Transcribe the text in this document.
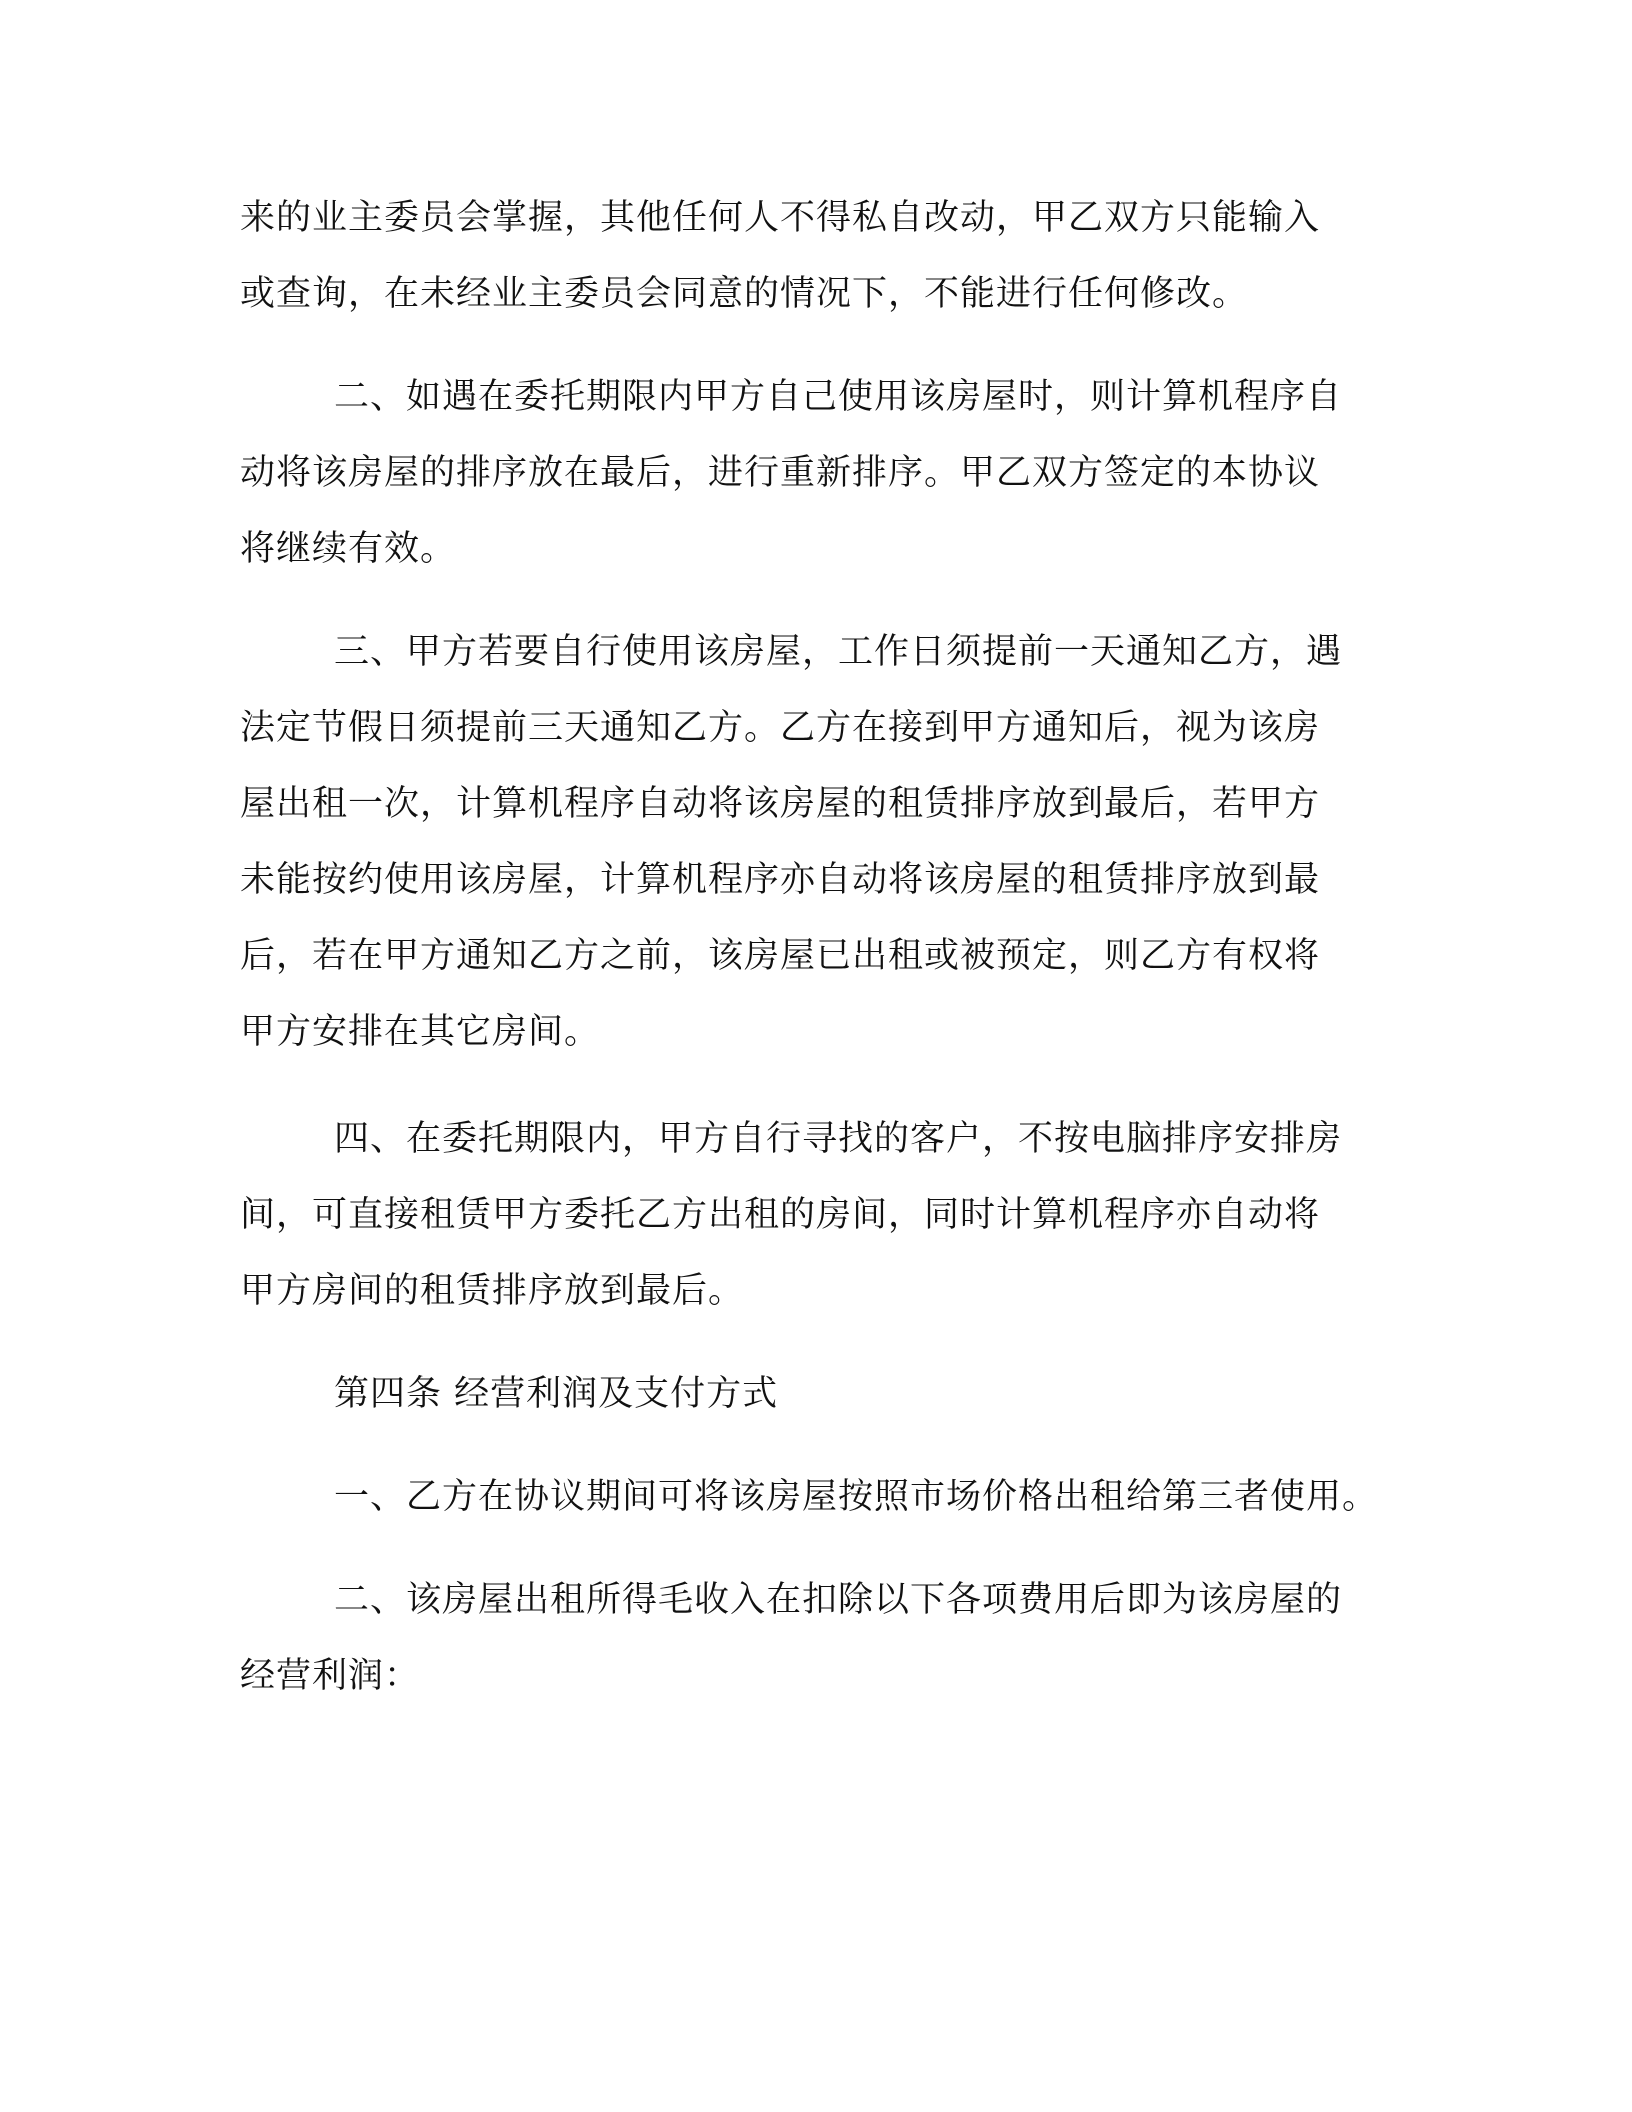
来的业主委员会掌握，其他任何人不得私自改动，甲乙双方只能输入
或查询，在未经业主委员会同意的情况下，不能进行任何修改。
二、如遇在委托期限内甲方自己使用该房屋时，则计算机程序自
动将该房屋的排序放在最后，进行重新排序。甲乙双方签定的本协议
将继续有效。
三、甲方若要自行使用该房屋，工作日须提前一天通知乙方，遇
法定节假日须提前三天通知乙方。乙方在接到甲方通知后，视为该房
屋出租一次，计算机程序自动将该房屋的租赁排序放到最后，若甲方
未能按约使用该房屋，计算机程序亦自动将该房屋的租赁排序放到最
后，若在甲方通知乙方之前，该房屋已出租或被预定，则乙方有权将
甲方安排在其它房间。
四、在委托期限内，甲方自行寻找的客户，不按电脑排序安排房
间，可直接租赁甲方委托乙方出租的房间，同时计算机程序亦自动将
甲方房间的租赁排序放到最后。
第四条 经营利润及支付方式
一、乙方在协议期间可将该房屋按照市场价格出租给第三者使用。
二、该房屋出租所得毛收入在扣除以下各项费用后即为该房屋的
经营利润：
